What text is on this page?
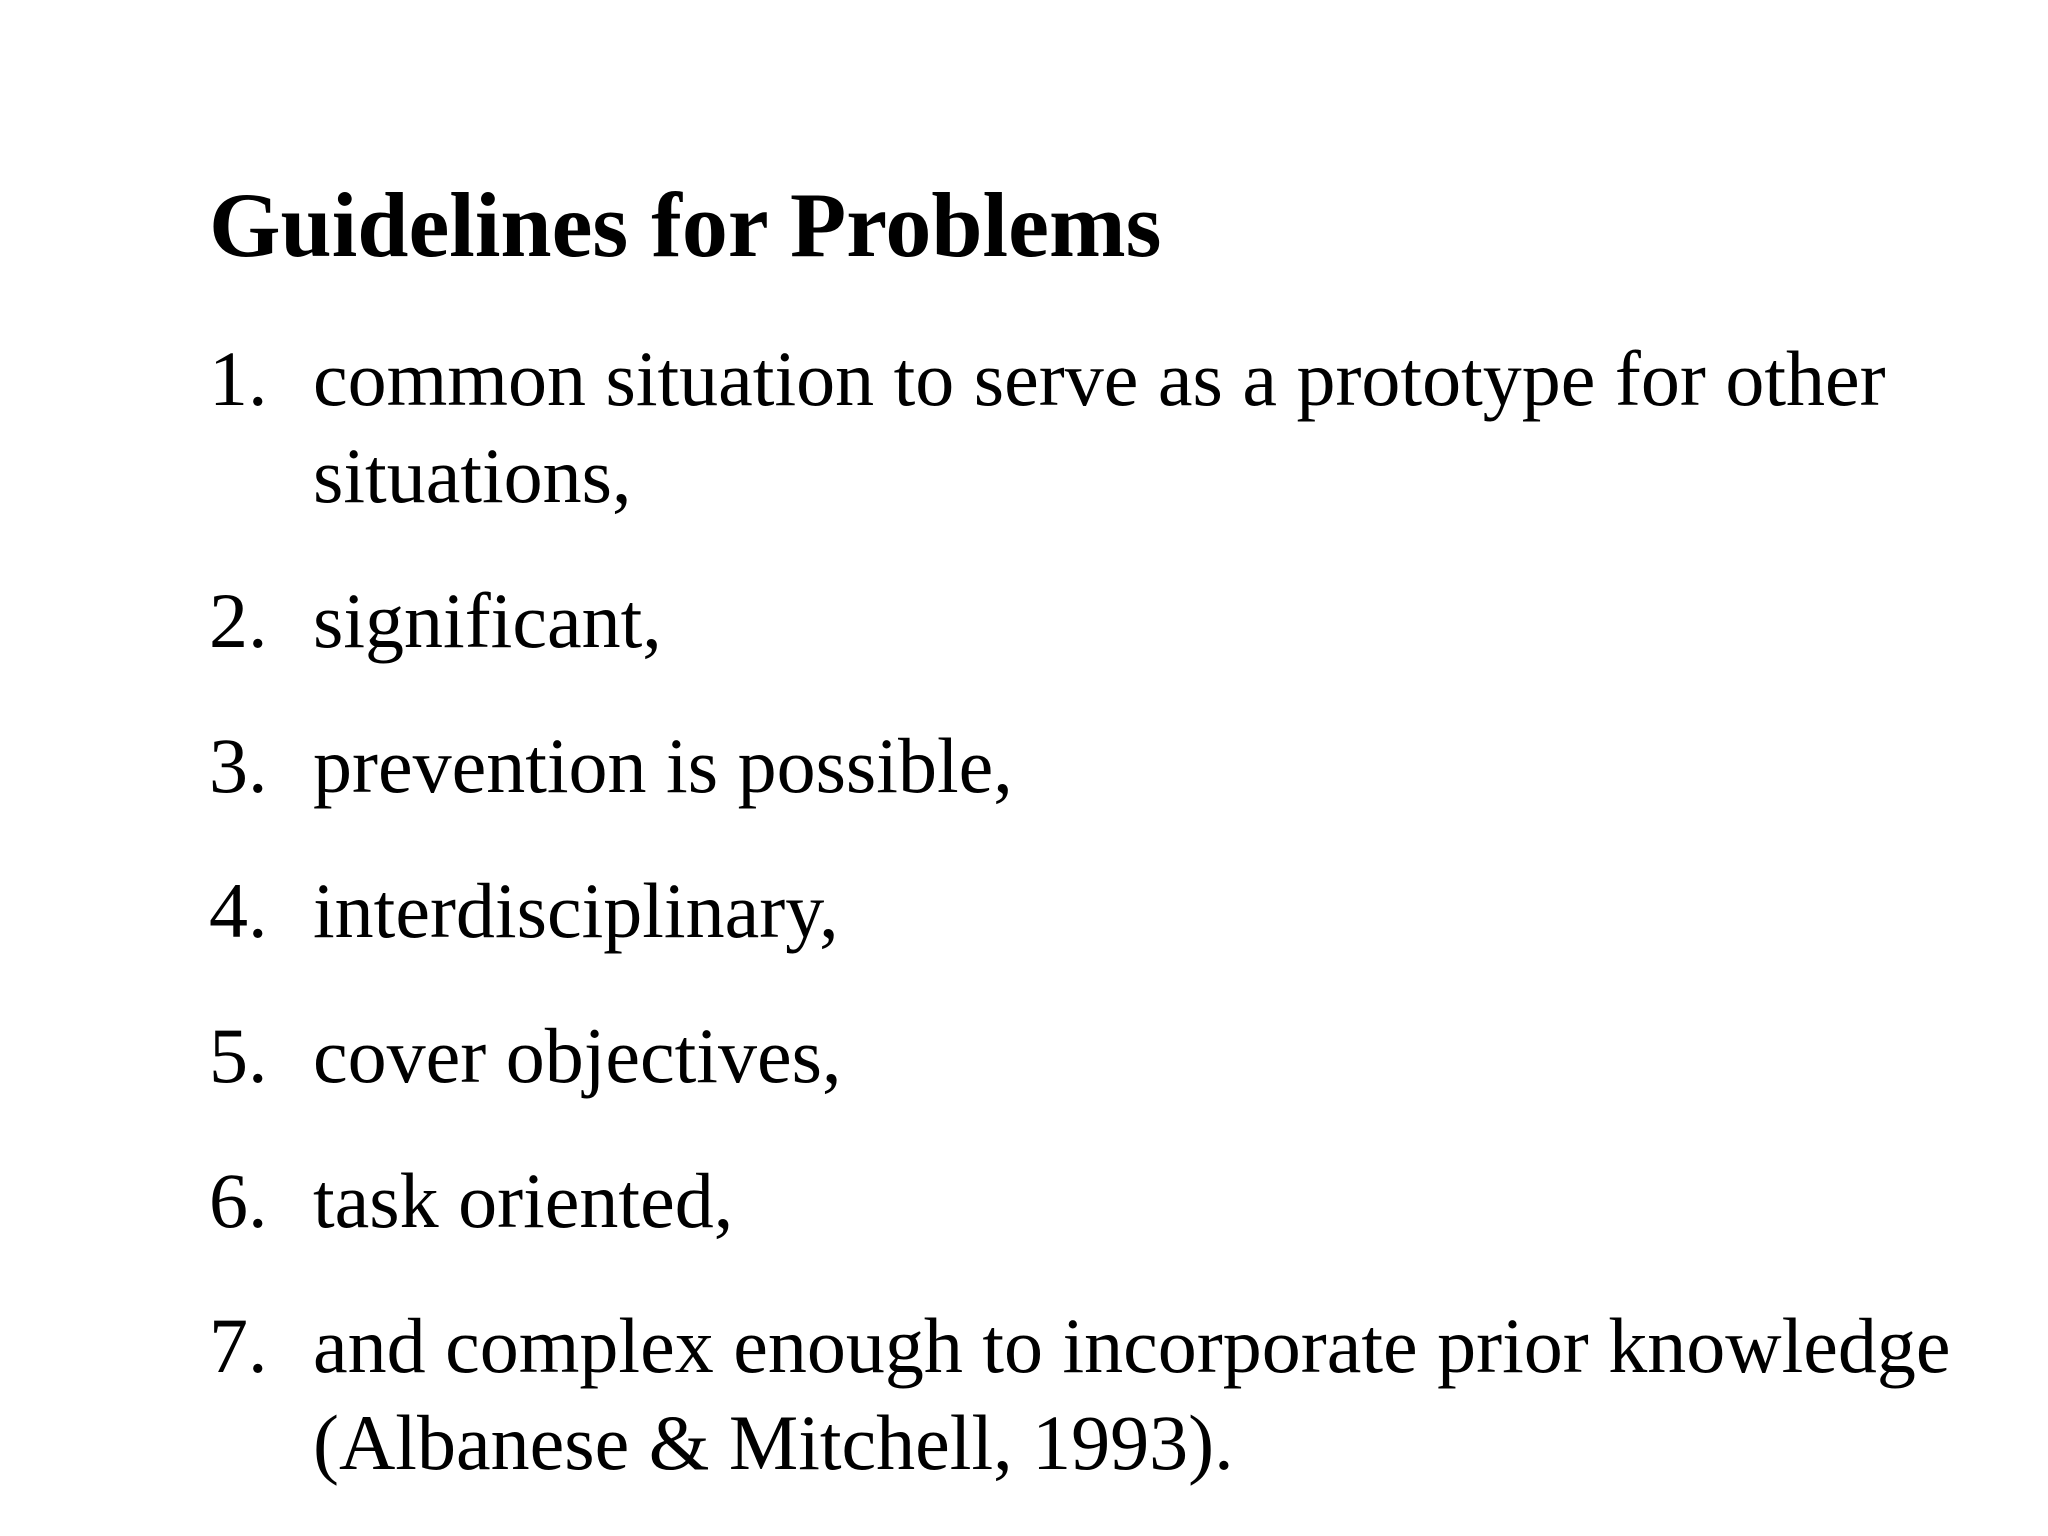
Guidelines for Problems
1. common situation to serve as a prototype for other
situations,
2. significant,
3. prevention is possible,
4. interdisciplinary,
5. cover objectives,
6. task oriented,
7. and complex enough to incorporate prior knowledge
(Albanese & Mitchell, 1993).
